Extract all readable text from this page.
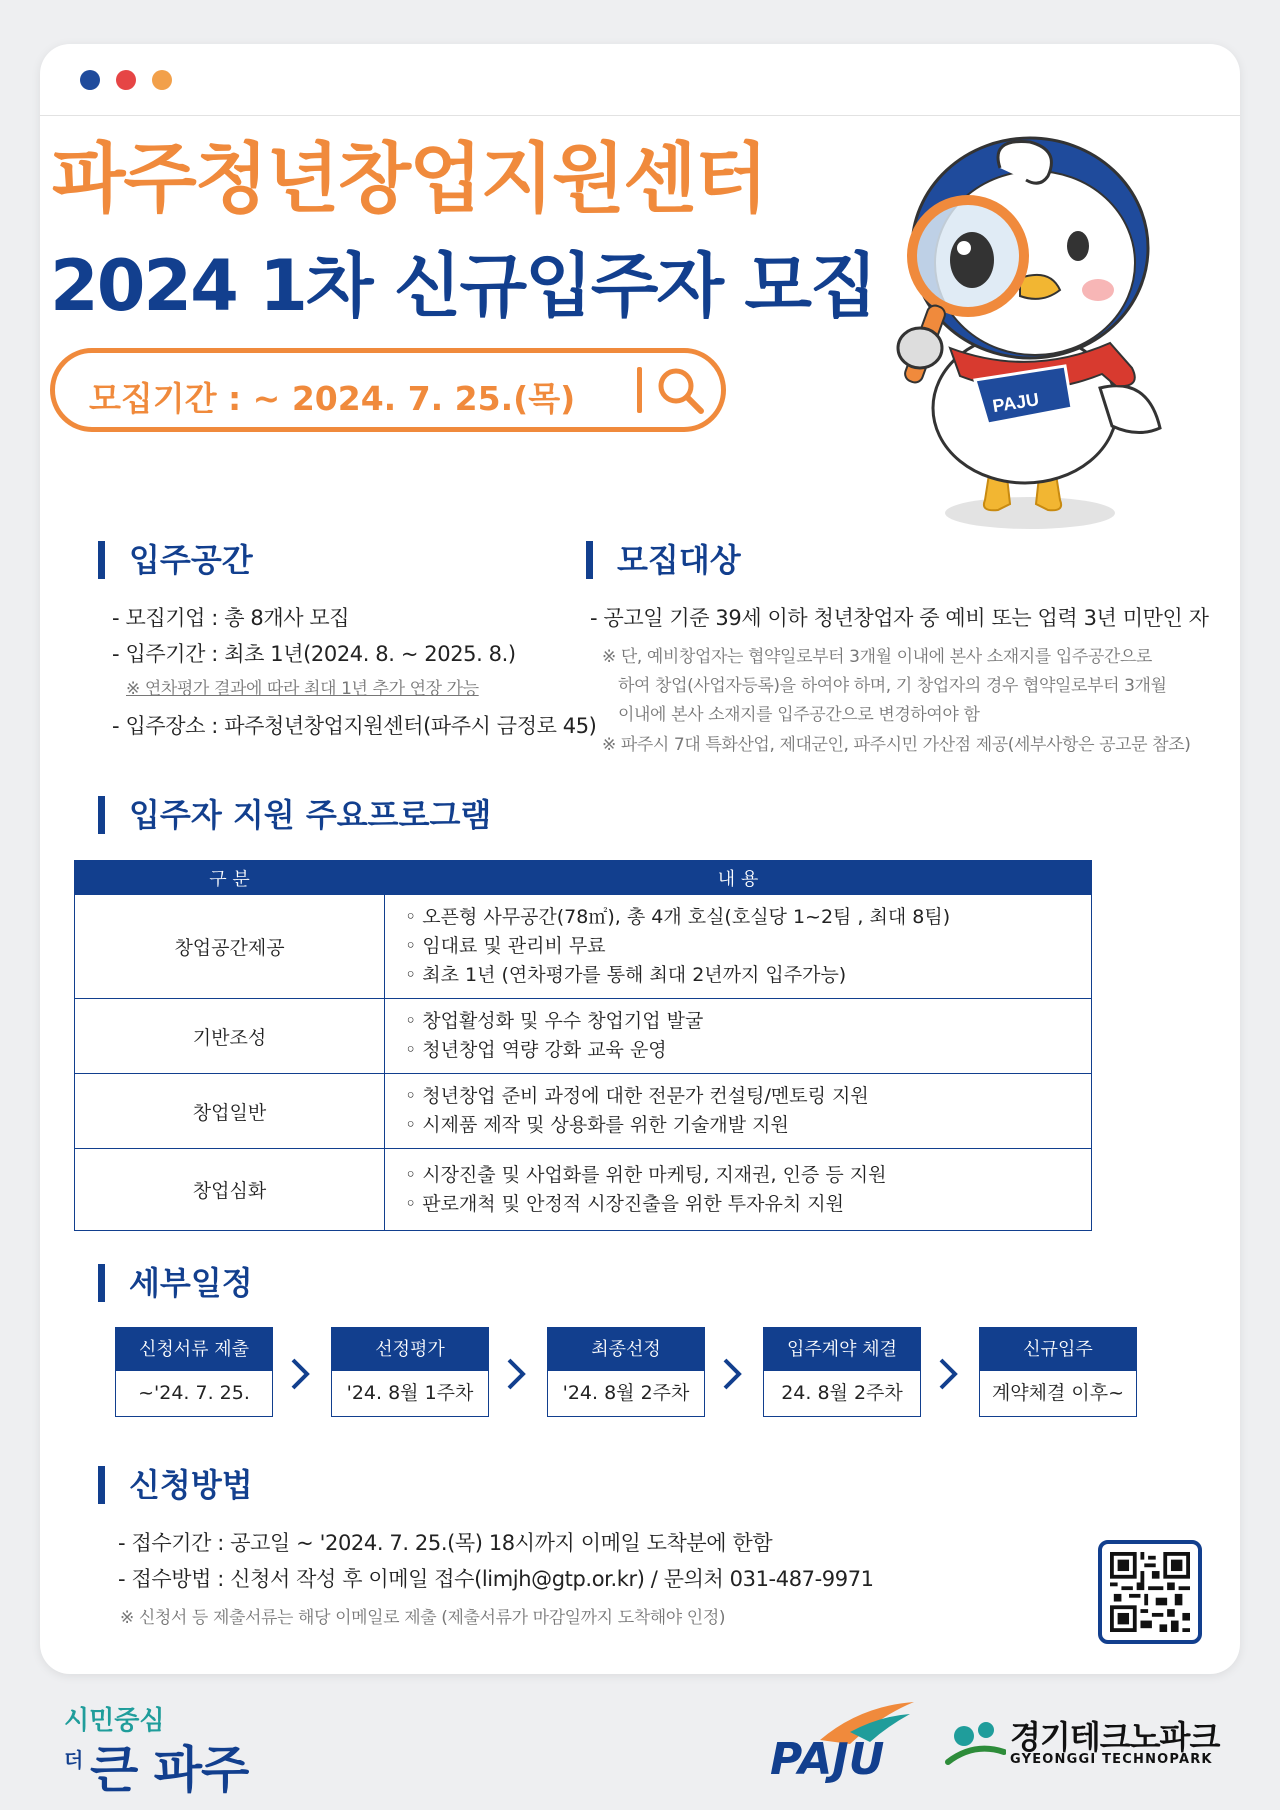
파주청년창업지원센터
2024 1차 신규입주자 모집
모집기간 : ~ 2024. 7. 25.(목)	PAJU
입주공간
- 모집기업 : 총 8개사 모집
- 입주기간 : 최초 1년(2024. 8. ~ 2025. 8.)
※ 연차평가 결과에 따라 최대 1년 추가 연장 가능
- 입주장소 : 파주청년창업지원센터(파주시 금정로 45)
모집대상
- 공고일 기준 39세 이하 청년창업자 중 예비 또는 업력 3년 미만인 자
※ 단, 예비창업자는 협약일로부터 3개월 이내에 본사 소재지를 입주공간으로
하여 창업(사업자등록)을 하여야 하며, 기 창업자의 경우 협약일로부터 3개월
이내에 본사 소재지를 입주공간으로 변경하여야 함
※ 파주시 7대 특화산업, 제대군인, 파주시민 가산점 제공(세부사항은 공고문 참조)
입주자 지원 주요프로그램
구 분	내 용
창업공간제공	◦ 오픈형 사무공간(78㎡), 총 4개 호실(호실당 1~2팀 , 최대 8팀)
◦ 임대료 및 관리비 무료
◦ 최초 1년 (연차평가를 통해 최대 2년까지 입주가능)

기반조성	◦ 창업활성화 및 우수 창업기업 발굴
◦ 청년창업 역량 강화 교육 운영

창업일반	◦ 청년창업 준비 과정에 대한 전문가 컨설팅/멘토링 지원
◦ 시제품 제작 및 상용화를 위한 기술개발 지원

창업심화	◦ 시장진출 및 사업화를 위한 마케팅, 지재권, 인증 등 지원
◦ 판로개척 및 안정적 시장진출을 위한 투자유치 지원
세부일정
신청서류 제출
~'24. 7. 25.
선정평가
'24. 8월 1주차
최종선정
'24. 8월 2주차
입주계약 체결
24. 8월 2주차
신규입주
계약체결 이후~
신청방법
- 접수기간 : 공고일 ~ '2024. 7. 25.(목) 18시까지 이메일 도착분에 한함
- 접수방법 : 신청서 작성 후 이메일 접수(limjh@gtp.or.kr) / 문의처 031-487-9971
※ 신청서 등 제출서류는 해당 이메일로 제출 (제출서류가 마감일까지 도착해야 인정)
시민중심
더 큰 파주	PAJU	경기테크노파크
GYEONGGI TECHNOPARK
